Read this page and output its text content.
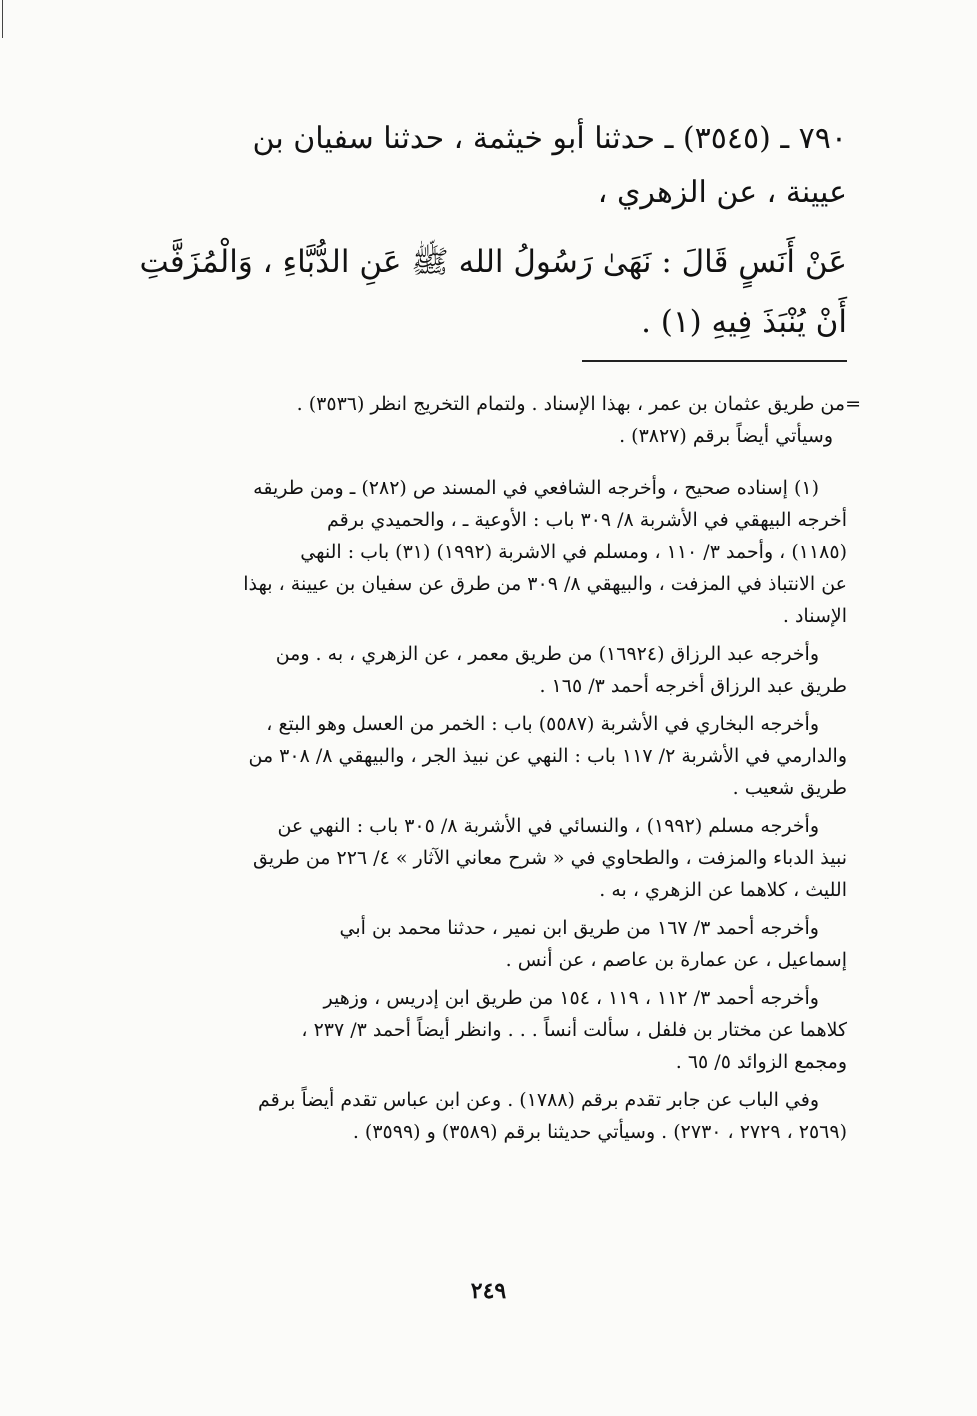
٧٩٠ ـ (٣٥٤٥) ـ حدثنا أبو خيثمة ، حدثنا سفيان بن

عيينة ، عن الزهري ،

عَنْ أَنَسٍ قَالَ : نَهَىٰ رَسُولُ الله ﷺ عَنِ الدُّبَّاءِ ، وَالْمُزَفَّتِ

أَنْ يُنْبَذَ فِيهِ (١) .

=من طريق عثمان بن عمر ، بهذا الإسناد . ولتمام التخريج انظر (٣٥٣٦) .

وسيأتي أيضاً برقم (٣٨٢٧) .

(١) إسناده صحيح ، وأخرجه الشافعي في المسند ص (٢٨٢) ـ ومن طريقه

أخرجه البيهقي في الأشربة ٨/ ٣٠٩ باب : الأوعية ـ ، والحميدي برقم

(١١٨٥) ، وأحمد ٣/ ١١٠ ، ومسلم في الاشربة (١٩٩٢) (٣١) باب : النهي

عن الانتباذ في المزفت ، والبيهقي ٨/ ٣٠٩ من طرق عن سفيان بن عيينة ، بهذا

الإسناد .

وأخرجه عبد الرزاق (١٦٩٢٤) من طريق معمر ، عن الزهري ، به . ومن

طريق عبد الرزاق أخرجه أحمد ٣/ ١٦٥ .

وأخرجه البخاري في الأشربة (٥٥٨٧) باب : الخمر من العسل وهو البتع ،

والدارمي في الأشربة ٢/ ١١٧ باب : النهي عن نبيذ الجر ، والبيهقي ٨/ ٣٠٨ من

طريق شعيب .

وأخرجه مسلم (١٩٩٢) ، والنسائي في الأشربة ٨/ ٣٠٥ باب : النهي عن

نبيذ الدباء والمزفت ، والطحاوي في « شرح معاني الآثار » ٤/ ٢٢٦ من طريق

الليث ، كلاهما عن الزهري ، به .

وأخرجه أحمد ٣/ ١٦٧ من طريق ابن نمير ، حدثنا محمد بن أبي

إسماعيل ، عن عمارة بن عاصم ، عن أنس .

وأخرجه أحمد ٣/ ١١٢ ، ١١٩ ، ١٥٤ من طريق ابن إدريس ، وزهير

كلاهما عن مختار بن فلفل ، سألت أنساً . . . وانظر أيضاً أحمد ٣/ ٢٣٧ ،

ومجمع الزوائد ٥/ ٦٥ .

وفي الباب عن جابر تقدم برقم (١٧٨٨) . وعن ابن عباس تقدم أيضاً برقم

(٢٥٦٩ ، ٢٧٢٩ ، ٢٧٣٠) . وسيأتي حديثنا برقم (٣٥٨٩) و (٣٥٩٩) .

٢٤٩
